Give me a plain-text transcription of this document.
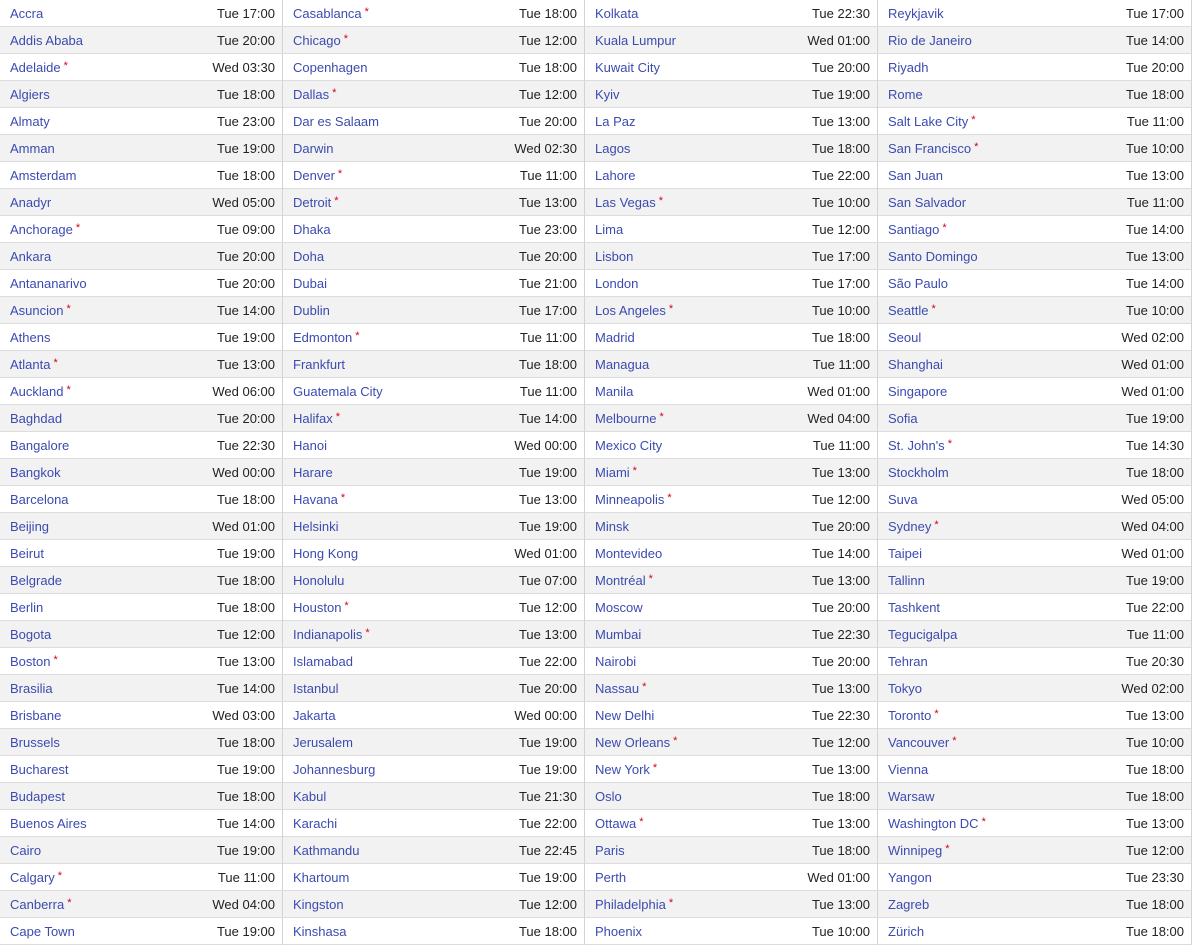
Accra	Tue 17:00
Addis Ababa	Tue 20:00
Adelaide *	Wed 03:30
Algiers	Tue 18:00
Almaty	Tue 23:00
Amman	Tue 19:00
Amsterdam	Tue 18:00
Anadyr	Wed 05:00
Anchorage *	Tue 09:00
Ankara	Tue 20:00
Antananarivo	Tue 20:00
Asuncion *	Tue 14:00
Athens	Tue 19:00
Atlanta *	Tue 13:00
Auckland *	Wed 06:00
Baghdad	Tue 20:00
Bangalore	Tue 22:30
Bangkok	Wed 00:00
Barcelona	Tue 18:00
Beijing	Wed 01:00
Beirut	Tue 19:00
Belgrade	Tue 18:00
Berlin	Tue 18:00
Bogota	Tue 12:00
Boston *	Tue 13:00
Brasilia	Tue 14:00
Brisbane	Wed 03:00
Brussels	Tue 18:00
Bucharest	Tue 19:00
Budapest	Tue 18:00
Buenos Aires	Tue 14:00
Cairo	Tue 19:00
Calgary *	Tue 11:00
Canberra *	Wed 04:00
Cape Town	Tue 19:00
Casablanca *	Tue 18:00
Chicago *	Tue 12:00
Copenhagen	Tue 18:00
Dallas *	Tue 12:00
Dar es Salaam	Tue 20:00
Darwin	Wed 02:30
Denver *	Tue 11:00
Detroit *	Tue 13:00
Dhaka	Tue 23:00
Doha	Tue 20:00
Dubai	Tue 21:00
Dublin	Tue 17:00
Edmonton *	Tue 11:00
Frankfurt	Tue 18:00
Guatemala City	Tue 11:00
Halifax *	Tue 14:00
Hanoi	Wed 00:00
Harare	Tue 19:00
Havana *	Tue 13:00
Helsinki	Tue 19:00
Hong Kong	Wed 01:00
Honolulu	Tue 07:00
Houston *	Tue 12:00
Indianapolis *	Tue 13:00
Islamabad	Tue 22:00
Istanbul	Tue 20:00
Jakarta	Wed 00:00
Jerusalem	Tue 19:00
Johannesburg	Tue 19:00
Kabul	Tue 21:30
Karachi	Tue 22:00
Kathmandu	Tue 22:45
Khartoum	Tue 19:00
Kingston	Tue 12:00
Kinshasa	Tue 18:00
Kolkata	Tue 22:30
Kuala Lumpur	Wed 01:00
Kuwait City	Tue 20:00
Kyiv	Tue 19:00
La Paz	Tue 13:00
Lagos	Tue 18:00
Lahore	Tue 22:00
Las Vegas *	Tue 10:00
Lima	Tue 12:00
Lisbon	Tue 17:00
London	Tue 17:00
Los Angeles *	Tue 10:00
Madrid	Tue 18:00
Managua	Tue 11:00
Manila	Wed 01:00
Melbourne *	Wed 04:00
Mexico City	Tue 11:00
Miami *	Tue 13:00
Minneapolis *	Tue 12:00
Minsk	Tue 20:00
Montevideo	Tue 14:00
Montréal *	Tue 13:00
Moscow	Tue 20:00
Mumbai	Tue 22:30
Nairobi	Tue 20:00
Nassau *	Tue 13:00
New Delhi	Tue 22:30
New Orleans *	Tue 12:00
New York *	Tue 13:00
Oslo	Tue 18:00
Ottawa *	Tue 13:00
Paris	Tue 18:00
Perth	Wed 01:00
Philadelphia *	Tue 13:00
Phoenix	Tue 10:00
Reykjavik	Tue 17:00
Rio de Janeiro	Tue 14:00
Riyadh	Tue 20:00
Rome	Tue 18:00
Salt Lake City *	Tue 11:00
San Francisco *	Tue 10:00
San Juan	Tue 13:00
San Salvador	Tue 11:00
Santiago *	Tue 14:00
Santo Domingo	Tue 13:00
São Paulo	Tue 14:00
Seattle *	Tue 10:00
Seoul	Wed 02:00
Shanghai	Wed 01:00
Singapore	Wed 01:00
Sofia	Tue 19:00
St. John's *	Tue 14:30
Stockholm	Tue 18:00
Suva	Wed 05:00
Sydney *	Wed 04:00
Taipei	Wed 01:00
Tallinn	Tue 19:00
Tashkent	Tue 22:00
Tegucigalpa	Tue 11:00
Tehran	Tue 20:30
Tokyo	Wed 02:00
Toronto *	Tue 13:00
Vancouver *	Tue 10:00
Vienna	Tue 18:00
Warsaw	Tue 18:00
Washington DC *	Tue 13:00
Winnipeg *	Tue 12:00
Yangon	Tue 23:30
Zagreb	Tue 18:00
Zürich	Tue 18:00
